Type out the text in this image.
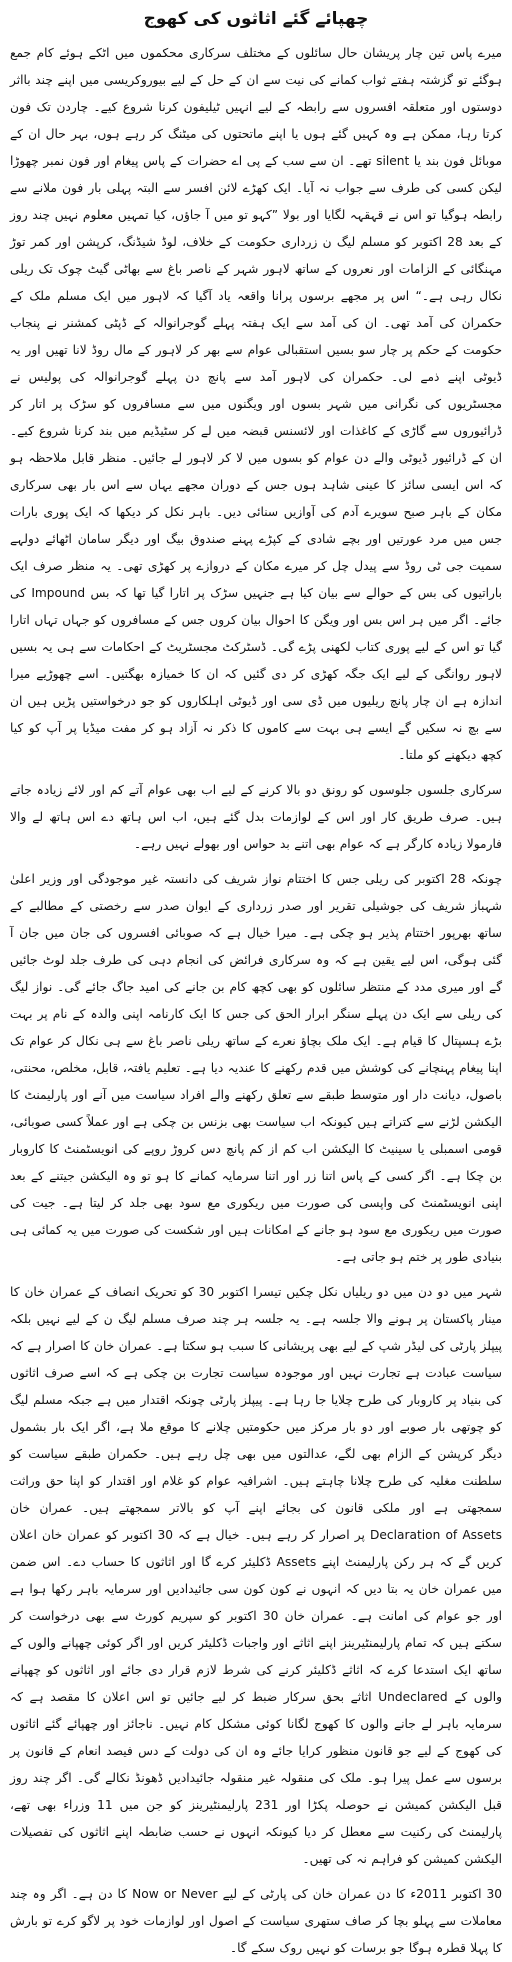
چھپائے گئے اثاثوں کی کھوج

میرے پاس تین چار پریشان حال سائلوں کے مختلف سرکاری محکموں میں اٹکے ہوئے کام جمع ہوگئے تو گزشتہ ہفتے ثواب کمانے کی نیت سے ان کے حل کے لیے بیوروکریسی میں اپنے چند بااثر دوستوں اور متعلقہ افسروں سے رابطہ کے لیے انہیں ٹیلیفون کرنا شروع کیے۔ چاردن تک فون کرتا رہا، ممکن ہے وہ کہیں گئے ہوں یا اپنے ماتحتوں کی میٹنگ کر رہے ہوں، بہر حال ان کے موبائل فون بند یا silent تھے۔ ان سے سب کے پی اے حضرات کے پاس پیغام اور فون نمبر چھوڑا لیکن کسی کی طرف سے جواب نہ آیا۔ ایک کھڑے لائن افسر سے البتہ پہلی بار فون ملانے سے رابطہ ہوگیا تو اس نے قہقہہ لگایا اور بولا ”کہو تو میں آ جاؤں، کیا تمہیں معلوم نہیں چند روز کے بعد 28 اکتوبر کو مسلم لیگ ن زرداری حکومت کے خلاف، لوڈ شیڈنگ، کرپشن اور کمر توڑ مہنگائی کے الزامات اور نعروں کے ساتھ لاہور شہر کے ناصر باغ سے بھاٹی گیٹ چوک تک ریلی نکال رہی ہے۔“ اس پر مجھے برسوں پرانا واقعہ یاد آگیا کہ لاہور میں ایک مسلم ملک کے حکمران کی آمد تھی۔ ان کی آمد سے ایک ہفتہ پہلے گوجرانوالہ کے ڈپٹی کمشنر نے پنجاب حکومت کے حکم پر چار سو بسیں استقبالی عوام سے بھر کر لاہور کے مال روڈ لانا تھیں اور یہ ڈیوٹی اپنے ذمے لی۔ حکمران کی لاہور آمد سے پانچ دن پہلے گوجرانوالہ کی پولیس نے مجسٹریوں کی نگرانی میں شہر بسوں اور ویگنوں میں سے مسافروں کو سڑک پر اتار کر ڈرائیوروں سے گاڑی کے کاغذات اور لائسنس قبضہ میں لے کر سٹیڈیم میں بند کرنا شروع کیے۔ ان کے ڈرائیور ڈیوٹی والے دن عوام کو بسوں میں لا کر لاہور لے جائیں۔ منظر قابل ملاحظہ ہو کہ اس ایسی سائز کا عینی شاہد ہوں جس کے دوران مجھے یہاں سے اس بار بھی سرکاری مکان کے باہر صبح سویرے آدم کی آوازیں سنائی دیں۔ باہر نکل کر دیکھا کہ ایک پوری بارات جس میں مرد عورتیں اور بچے شادی کے کپڑے پہنے صندوق بیگ اور دیگر سامان اٹھائے دولہے سمیت جی ٹی روڈ سے پیدل چل کر میرے مکان کے دروازے پر کھڑی تھی۔ یہ منظر صرف ایک باراتیوں کی بس کے حوالے سے بیان کیا ہے جنہیں سڑک پر اتارا گیا تھا کہ بس Impound کی جائے۔ اگر میں ہر اس بس اور ویگن کا احوال بیان کروں جس کے مسافروں کو جہاں تہاں اتارا گیا تو اس کے لیے پوری کتاب لکھنی پڑے گی۔ ڈسٹرکٹ مجسٹریٹ کے احکامات سے ہی یہ بسیں لاہور روانگی کے لیے ایک جگہ کھڑی کر دی گئیں کہ ان کا خمیازہ بھگتیں۔ اسے چھوڑیے میرا اندازہ ہے ان چار پانچ ریلیوں میں ڈی سی اور ڈیوٹی اہلکاروں کو جو درخواستیں پڑیں ہیں ان سے بچ نہ سکیں گے ایسے ہی بہت سے کاموں کا ذکر نہ آزاد ہو کر مفت میڈیا پر آپ کو کیا کچھ دیکھنے کو ملتا۔

سرکاری جلسوں جلوسوں کو رونق دو بالا کرنے کے لیے اب بھی عوام آتے کم اور لائے زیادہ جاتے ہیں۔ صرف طریق کار اور اس کے لوازمات بدل گئے ہیں، اب اس ہاتھ دے اس ہاتھ لے والا فارمولا زیادہ کارگر ہے کہ عوام بھی اتنے بد حواس اور بھولے نہیں رہے۔

چونکہ 28 اکتوبر کی ریلی جس کا اختتام نواز شریف کی دانستہ غیر موجودگی اور وزیر اعلیٰ شہباز شریف کی جوشیلی تقریر اور صدر زرداری کے ایوان صدر سے رخصتی کے مطالبے کے ساتھ بھرپور اختتام پذیر ہو چکی ہے۔ میرا خیال ہے کہ صوبائی افسروں کی جان میں جان آ گئی ہوگی، اس لیے یقین ہے کہ وہ سرکاری فرائض کی انجام دہی کی طرف جلد لوٹ جائیں گے اور میری مدد کے منتظر سائلوں کو بھی کچھ کام بن جانے کی امید جاگ جائے گی۔ نواز لیگ کی ریلی سے ایک دن پہلے سنگر ابرار الحق کی جس کا ایک کارنامہ اپنی والدہ کے نام پر بہت بڑے ہسپتال کا قیام ہے۔ ایک ملک بچاؤ نعرے کے ساتھ ریلی ناصر باغ سے ہی نکال کر عوام تک اپنا پیغام پہنچانے کی کوشش میں قدم رکھنے کا عندیہ دیا ہے۔ تعلیم یافتہ، قابل، مخلص، محنتی، باصول، دیانت دار اور متوسط طبقے سے تعلق رکھنے والے افراد سیاست میں آنے اور پارلیمنٹ کا الیکشن لڑنے سے کتراتے ہیں کیونکہ اب سیاست بھی بزنس بن چکی ہے اور عملاً کسی صوبائی، قومی اسمبلی یا سینیٹ کا الیکشن اب کم از کم پانچ دس کروڑ روپے کی انویسٹمنٹ کا کاروبار بن چکا ہے۔ اگر کسی کے پاس اتنا زر اور اتنا سرمایہ کمانے کا ہو تو وہ الیکشن جیتنے کے بعد اپنی انویسٹمنٹ کی واپسی کی صورت میں ریکوری مع سود بھی جلد کر لیتا ہے۔ جیت کی صورت میں ریکوری مع سود ہو جانے کے امکانات ہیں اور شکست کی صورت میں یہ کمائی ہی بنیادی طور پر ختم ہو جاتی ہے۔

شہر میں دو دن میں دو ریلیاں نکل چکیں تیسرا اکتوبر 30 کو تحریک انصاف کے عمران خان کا مینار پاکستان پر ہونے والا جلسہ ہے۔ یہ جلسہ ہر چند صرف مسلم لیگ ن کے لیے نہیں بلکہ پیپلز پارٹی کی لیڈر شپ کے لیے بھی پریشانی کا سبب ہو سکتا ہے۔ عمران خان کا اصرار ہے کہ سیاست عبادت ہے تجارت نہیں اور موجودہ سیاست تجارت بن چکی ہے کہ اسے صرف اثاثوں کی بنیاد پر کاروبار کی طرح چلایا جا رہا ہے۔ پیپلز پارٹی چونکہ اقتدار میں ہے جبکہ مسلم لیگ کو چوتھی بار صوبے اور دو بار مرکز میں حکومتیں چلانے کا موقع ملا ہے، اگر ایک بار بشمول دیگر کرپشن کے الزام بھی لگے، عدالتوں میں بھی چل رہے ہیں۔ حکمران طبقے سیاست کو سلطنت مغلیہ کی طرح چلانا چاہتے ہیں۔ اشرافیہ عوام کو غلام اور اقتدار کو اپنا حق وراثت سمجھتی ہے اور ملکی قانون کی بجائے اپنے آپ کو بالاتر سمجھتے ہیں۔ عمران خان Declaration of Assets پر اصرار کر رہے ہیں۔ خیال ہے کہ 30 اکتوبر کو عمران خان اعلان کریں گے کہ ہر رکن پارلیمنٹ اپنے Assets ڈکلیئر کرے گا اور اثاثوں کا حساب دے۔ اس ضمن میں عمران خان یہ بتا دیں کہ انہوں نے کون کون سی جائیدادیں اور سرمایہ باہر رکھا ہوا ہے اور جو عوام کی امانت ہے۔ عمران خان 30 اکتوبر کو سپریم کورٹ سے بھی درخواست کر سکتے ہیں کہ تمام پارلیمنٹیرینز اپنے اثاثے اور واجبات ڈکلیئر کریں اور اگر کوئی چھپانے والوں کے ساتھ ایک استدعا کرے کہ اثاثے ڈکلیئر کرنے کی شرط لازم قرار دی جائے اور اثاثوں کو چھپانے والوں کے Undeclared اثاثے بحق سرکار ضبط کر لیے جائیں تو اس اعلان کا مقصد ہے کہ سرمایہ باہر لے جانے والوں کا کھوج لگانا کوئی مشکل کام نہیں۔ ناجائز اور چھپائے گئے اثاثوں کی کھوج کے لیے جو قانون منظور کرایا جائے وہ ان کی دولت کے دس فیصد انعام کے قانون پر برسوں سے عمل پیرا ہو۔ ملک کی منقولہ غیر منقولہ جائیدادیں ڈھونڈ نکالے گی۔ اگر چند روز قبل الیکشن کمیشن نے حوصلہ پکڑا اور 231 پارلیمنٹیرینز کو جن میں 11 وزراء بھی تھے، پارلیمنٹ کی رکنیت سے معطل کر دیا کیونکہ انہوں نے حسب ضابطہ اپنے اثاثوں کی تفصیلات الیکشن کمیشن کو فراہم نہ کی تھیں۔

30 اکتوبر 2011ء کا دن عمران خان کی پارٹی کے لیے Now or Never کا دن ہے۔ اگر وہ چند معاملات سے پہلو بچا کر صاف ستھری سیاست کے اصول اور لوازمات خود پر لاگو کرے تو بارش کا پہلا قطرہ ہوگا جو برسات کو نہیں روک سکے گا۔
